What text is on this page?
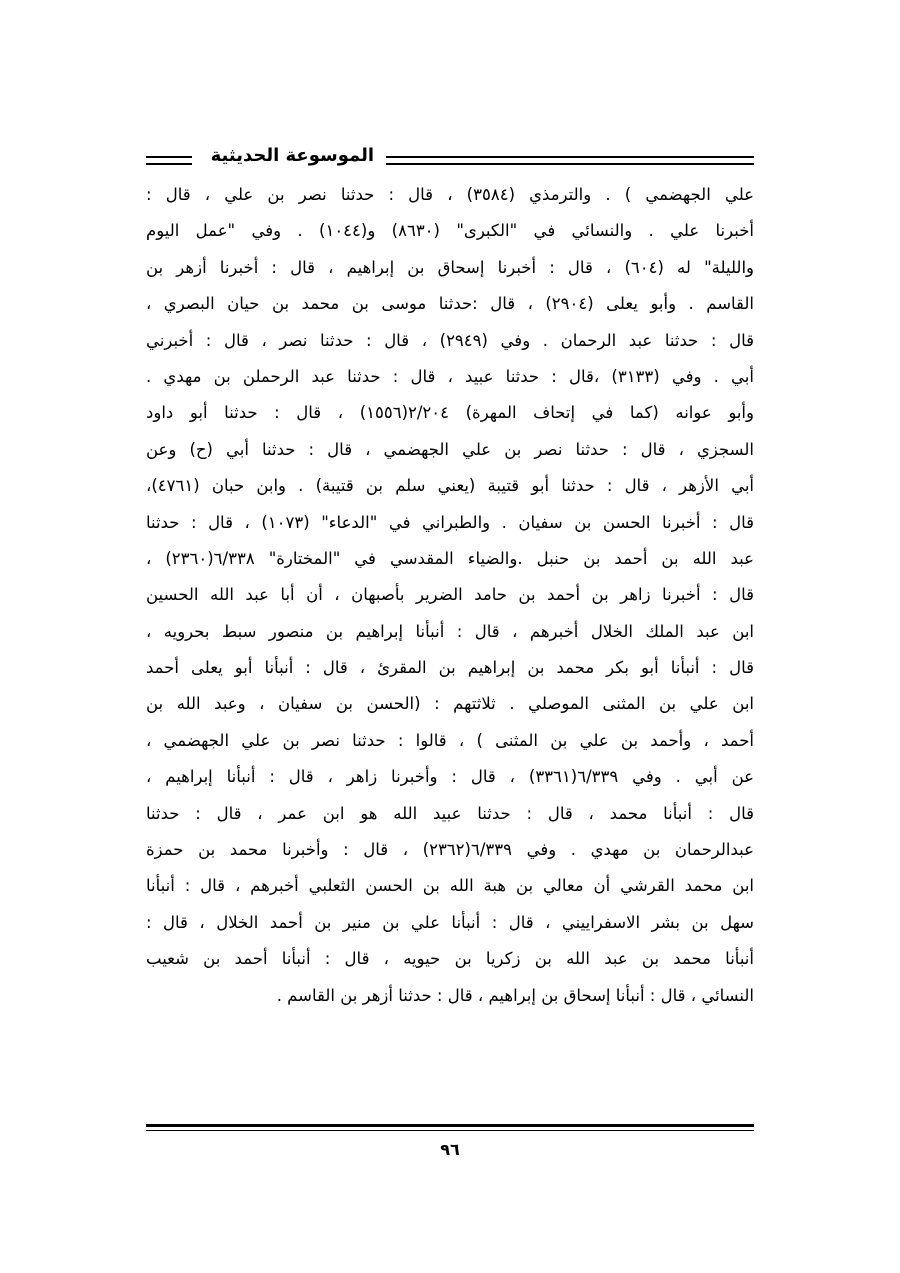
الموسوعة الحديثية
علي الجهضمي ) . والترمذي (٣٥٨٤) ، قال : حدثنا نصر بن علي ، قال :
أخبرنا علي . والنسائي في "الكبرى" (٨٦٣٠) و(١٠٤٤) . وفي "عمل اليوم
والليلة" له (٦٠٤) ، قال : أخبرنا إسحاق بن إبراهيم ، قال : أخبرنا أزهر بن
القاسم . وأبو يعلى (٢٩٠٤) ، قال :حدثنا موسى بن محمد بن حيان البصري ،
قال : حدثنا عبد الرحمان . وفي (٢٩٤٩) ، قال : حدثنا نصر ، قال : أخبرني
أبي . وفي (٣١٣٣) ،قال : حدثنا عبيد ، قال : حدثنا عبد الرحملن بن مهدي .
وأبو عوانه (كما في إتحاف المهرة) ٢/٢٠٤(١٥٥٦) ، قال : حدثنا أبو داود
السجزي ، قال : حدثنا نصر بن علي الجهضمي ، قال : حدثنا أبي (ح) وعن
أبي الأزهر ، قال : حدثنا أبو قتيبة (يعني سلم بن قتيبة) . وابن حبان (٤٧٦١)،
قال : أخبرنا الحسن بن سفيان . والطبراني في "الدعاء" (١٠٧٣) ، قال : حدثنا
عبد الله بن أحمد بن حنبل .والضياء المقدسي في "المختارة" ٦/٣٣٨(٢٣٦٠) ،
قال : أخبرنا زاهر بن أحمد بن حامد الضرير بأصبهان ، أن أبا عبد الله الحسين
ابن عبد الملك الخلال أخبرهم ، قال : أنبأنا إبراهيم بن منصور سبط بحرويه ،
قال : أنبأنا أبو بكر محمد بن إبراهيم بن المقرئ ، قال : أنبأنا أبو يعلى أحمد
ابن علي بن المثنى الموصلي . ثلاثتهم : (الحسن بن سفيان ، وعبد الله بن
أحمد ، وأحمد بن علي بن المثنى ) ، قالوا : حدثنا نصر بن علي الجهضمي ،
عن أبي . وفي ٦/٣٣٩(٣٣٦١) ، قال : وأخبرنا زاهر ، قال : أنبأنا إبراهيم ،
قال : أنبأنا محمد ، قال : حدثنا عبيد الله هو ابن عمر ، قال : حدثنا
عبدالرحمان بن مهدي . وفي ٦/٣٣٩(٢٣٦٢) ، قال : وأخبرنا محمد بن حمزة
ابن محمد القرشي أن معالي بن هبة الله بن الحسن الثعلبي أخبرهم ، قال : أنبأنا
سهل بن بشر الاسفراييني ، قال : أنبأنا علي بن منير بن أحمد الخلال ، قال :
أنبأنا محمد بن عبد الله بن زكريا بن حيويه ، قال : أنبأنا أحمد بن شعيب
النسائي ، قال : أنبأنا إسحاق بن إبراهيم ، قال : حدثنا أزهر بن القاسم .
٩٦
